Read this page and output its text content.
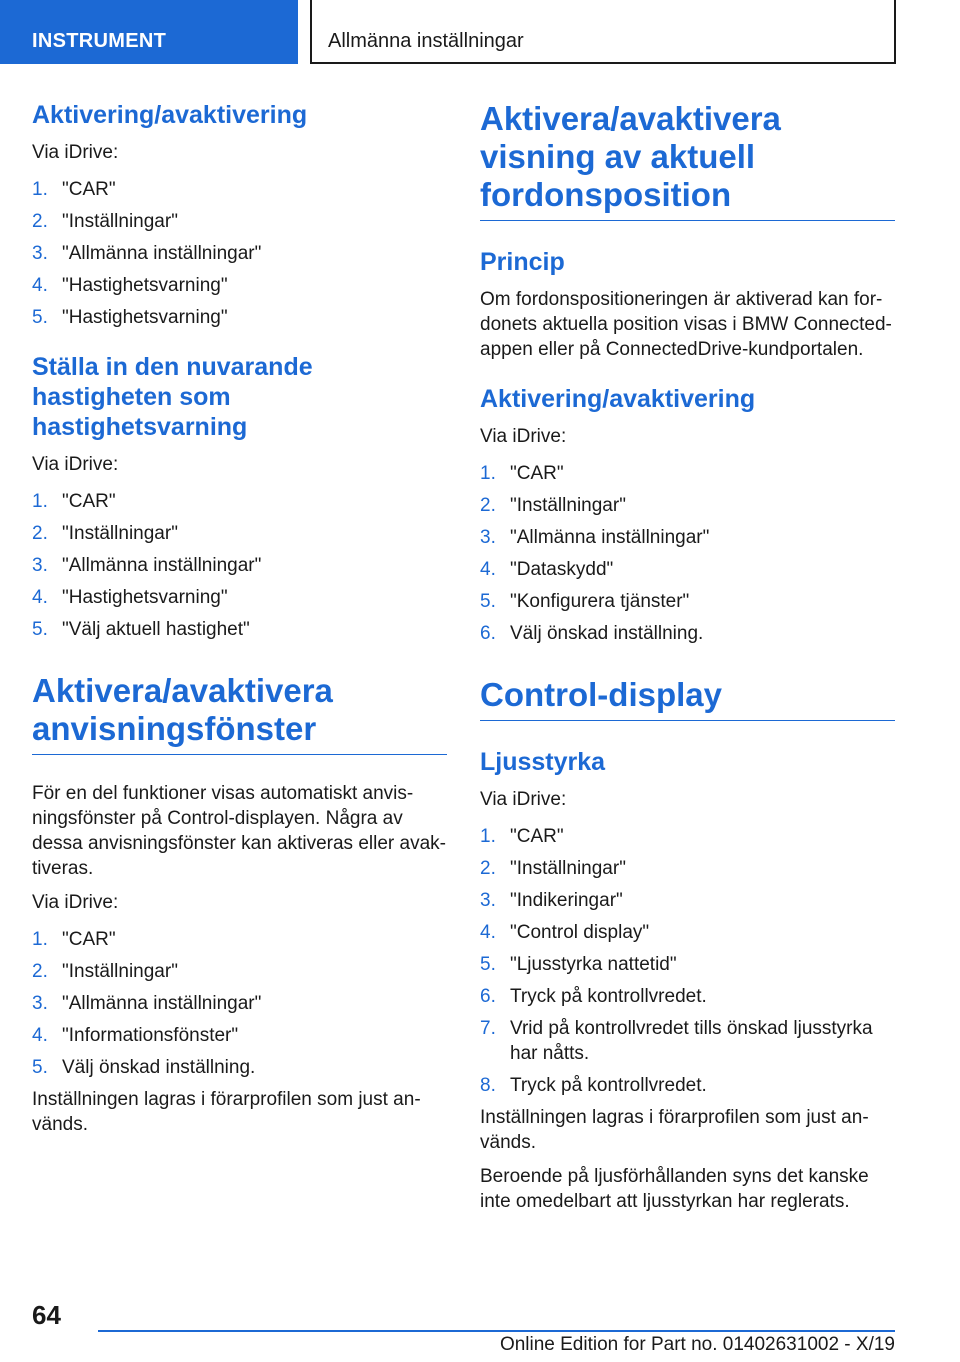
INSTRUMENT	Allmänna inställningar
Aktivering/avaktivering
Via iDrive:
1. "CAR"
2. "Inställningar"
3. "Allmänna inställningar"
4. "Hastighetsvarning"
5. "Hastighetsvarning"
Ställa in den nuvarande hastigheten som hastighetsvarning
Via iDrive:
1. "CAR"
2. "Inställningar"
3. "Allmänna inställningar"
4. "Hastighetsvarning"
5. "Välj aktuell hastighet"
Aktivera/avaktivera anvisningsfönster
För en del funktioner visas automatiskt anvisningsfönster på Control-displayen. Några av dessa anvisningsfönster kan aktiveras eller avaktiveras.
Via iDrive:
1. "CAR"
2. "Inställningar"
3. "Allmänna inställningar"
4. "Informationsfönster"
5. Välj önskad inställning.
Inställningen lagras i förarprofilen som just används.
Aktivera/avaktivera visning av aktuell fordonsposition
Princip
Om fordonspositioneringen är aktiverad kan fordonets aktuella position visas i BMW Connected-appen eller på ConnectedDrive-kundportalen.
Aktivering/avaktivering
Via iDrive:
1. "CAR"
2. "Inställningar"
3. "Allmänna inställningar"
4. "Dataskydd"
5. "Konfigurera tjänster"
6. Välj önskad inställning.
Control-display
Ljusstyrka
Via iDrive:
1. "CAR"
2. "Inställningar"
3. "Indikeringar"
4. "Control display"
5. "Ljusstyrka nattetid"
6. Tryck på kontrollvredet.
7. Vrid på kontrollvredet tills önskad ljusstyrka har nåtts.
8. Tryck på kontrollvredet.
Inställningen lagras i förarprofilen som just används.
Beroende på ljusförhållanden syns det kanske inte omedelbart att ljusstyrkan har reglerats.
64
Online Edition for Part no. 01402631002 - X/19
